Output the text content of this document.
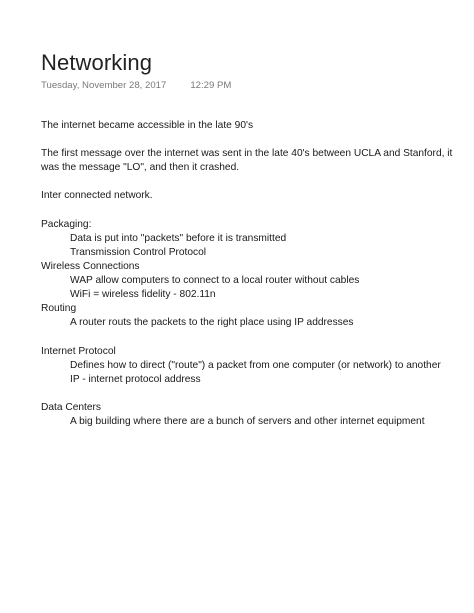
Networking
Tuesday, November 28, 2017	12:29 PM

The internet became accessible in the late 90's

The first message over the internet was sent in the late 40's between UCLA and Stanford, it was the message "LO", and then it crashed.

Inter connected network.

Packaging:

Data is put into "packets" before it is transmitted

Transmission Control Protocol

Wireless Connections

WAP allow computers to connect to a local router without cables

WiFi = wireless fidelity - 802.11n

Routing

A router routs the packets to the right place using IP addresses

Internet Protocol

Defines how to direct ("route") a packet from one computer (or network) to another

IP - internet protocol address

Data Centers

A big building where there are a bunch of servers and other internet equipment
